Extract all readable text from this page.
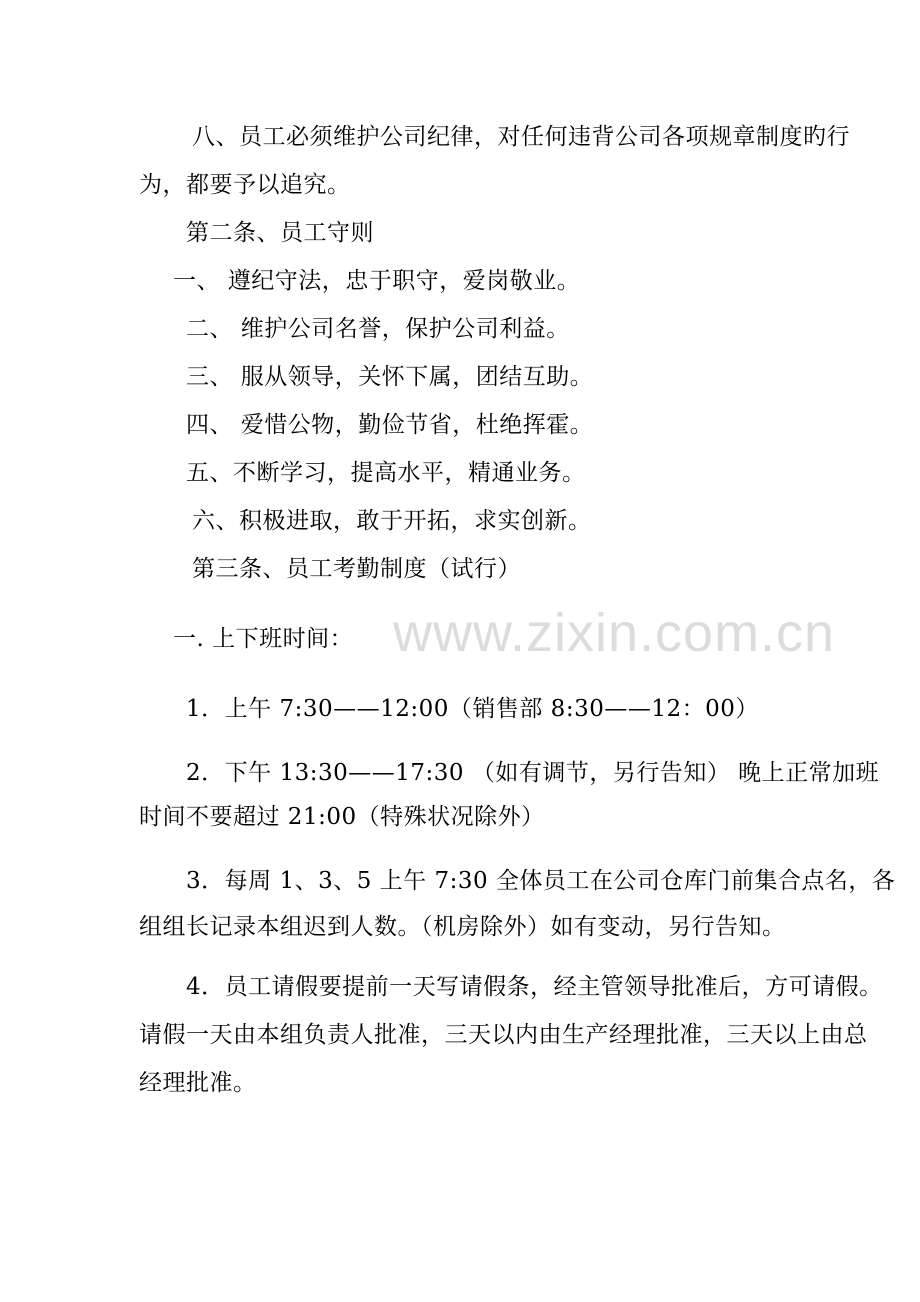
www.zixin.com.cn
八、员工必须维护公司纪律，对任何违背公司各项规章制度旳行
为，都要予以追究。
第二条、员工守则
一、 遵纪守法，忠于职守，爱岗敬业。
二、 维护公司名誉，保护公司利益。
三、 服从领导，关怀下属，团结互助。
四、 爱惜公物，勤俭节省，杜绝挥霍。
五、不断学习，提高水平，精通业务。
六、积极进取，敢于开拓，求实创新。
第三条、员工考勤制度（试行）
一. 上下班时间：
1．上午 7:30——12:00（销售部 8:30——12：00）
2．下午 13:30——17:30 （如有调节，另行告知） 晚上正常加班
时间不要超过 21:00（特殊状况除外）
3．每周 1、3、5 上午 7:30 全体员工在公司仓库门前集合点名，各
组组长记录本组迟到人数。（机房除外）如有变动，另行告知。
4．员工请假要提前一天写请假条，经主管领导批准后，方可请假。
请假一天由本组负责人批准，三天以内由生产经理批准，三天以上由总
经理批准。
